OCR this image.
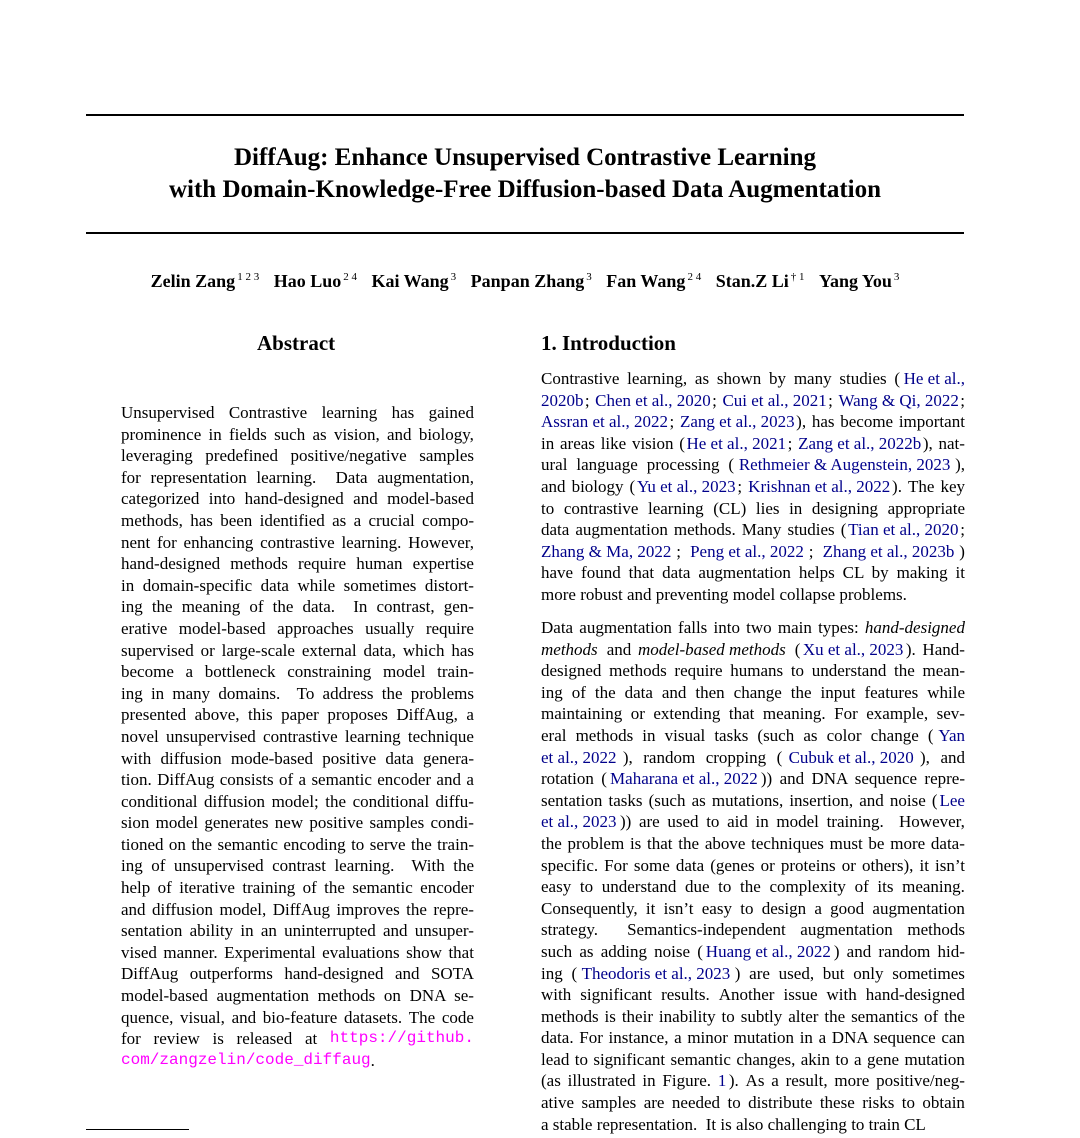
DiffAug: Enhance Unsupervised Contrastive Learning
with Domain-Knowledge-Free Diffusion-based Data Augmentation
Zelin Zang $^{1 2 3}$ Hao Luo $^{2 4}$ Kai Wang $^3$ Panpan Zhang $^3$ Fan Wang $^{2 4}$ Stan.Z Li $^{\dagger 1}$ Yang You $^3$
Abstract	1. Introduction
Unsupervised Contrastive learning has gained
prominence in fields such as vision, and biology,
leveraging predefined positive/negative samples
for representation learning.
Data augmentation,
categorized into hand-designed and model-based
methods, has been identified as a crucial compo-
nent for enhancing contrastive learning. However,
hand-designed methods require human expertise
in domain-specific data while sometimes distort-
ing the meaning of the data.
In contrast, gen-
erative model-based approaches usually require
supervised or large-scale external data, which has
become a bottleneck constraining model train-
ing in many domains.
To address the problems
presented above, this paper proposes DiffAug, a
novel unsupervised contrastive learning technique
with diffusion mode-based positive data genera-
tion. DiffAug consists of a semantic encoder and a
conditional diffusion model; the conditional diffu-
sion model generates new positive samples condi-
tioned on the semantic encoding to serve the train-
ing of unsupervised contrast learning.
With the
help of iterative training of the semantic encoder
and diffusion model, DiffAug improves the repre-
sentation ability in an uninterrupted and unsuper-
vised manner. Experimental evaluations show that
DiffAug outperforms hand-designed and SOTA
model-based augmentation methods on DNA se-
quence, visual, and bio-feature datasets. The code
for review is released at https://github.
com/zangzelin/code_diffaug .
Contrastive learning, as shown by many studies ( He et al.,
2020b ; Chen et al., 2020 ; Cui et al., 2021 ; Wang & Qi, 2022 ;
Assran et al., 2022 ; Zang et al., 2023 ), has become important
in areas like vision ( He et al., 2021 ; Zang et al., 2022b ), nat-
ural language processing ( Rethmeier & Augenstein, 2023 ),
and biology ( Yu et al., 2023 ; Krishnan et al., 2022 ). The key
to contrastive learning (CL) lies in designing appropriate
data augmentation methods. Many studies ( Tian et al., 2020 ;
Zhang & Ma, 2022 ; Peng et al., 2022 ; Zhang et al., 2023b )
have found that data augmentation helps CL by making it
more robust and preventing model collapse problems.
Data augmentation falls into two main types: hand-designed
methods
and model-based methods
( Xu et al., 2023 ). Hand-
designed methods require humans to understand the mean-
ing of the data and then change the input features while
maintaining or extending that meaning. For example, sev-
eral methods in visual tasks (such as color change ( Yan
et al., 2022 ), random cropping ( Cubuk et al., 2020 ), and
rotation ( Maharana et al., 2022 )) and DNA sequence repre-
sentation tasks (such as mutations, insertion, and noise ( Lee
et al., 2023 )) are used to aid in model training.
However,
the problem is that the above techniques must be more data-
specific. For some data (genes or proteins or others), it isn’t
easy to understand due to the complexity of its meaning.
Consequently, it isn’t easy to design a good augmentation
strategy.
Semantics-independent augmentation methods
such as adding noise ( Huang et al., 2022 ) and random hid-
ing ( Theodoris et al., 2023 ) are used, but only sometimes
with significant results. Another issue with hand-designed
methods is their inability to subtly alter the semantics of the
data. For instance, a minor mutation in a DNA sequence can
lead to significant semantic changes, akin to a gene mutation
(as illustrated in Figure. 1 ). As a result, more positive/neg-
ative samples are needed to distribute these risks to obtain
a stable representation.
It is also challenging to train CL
